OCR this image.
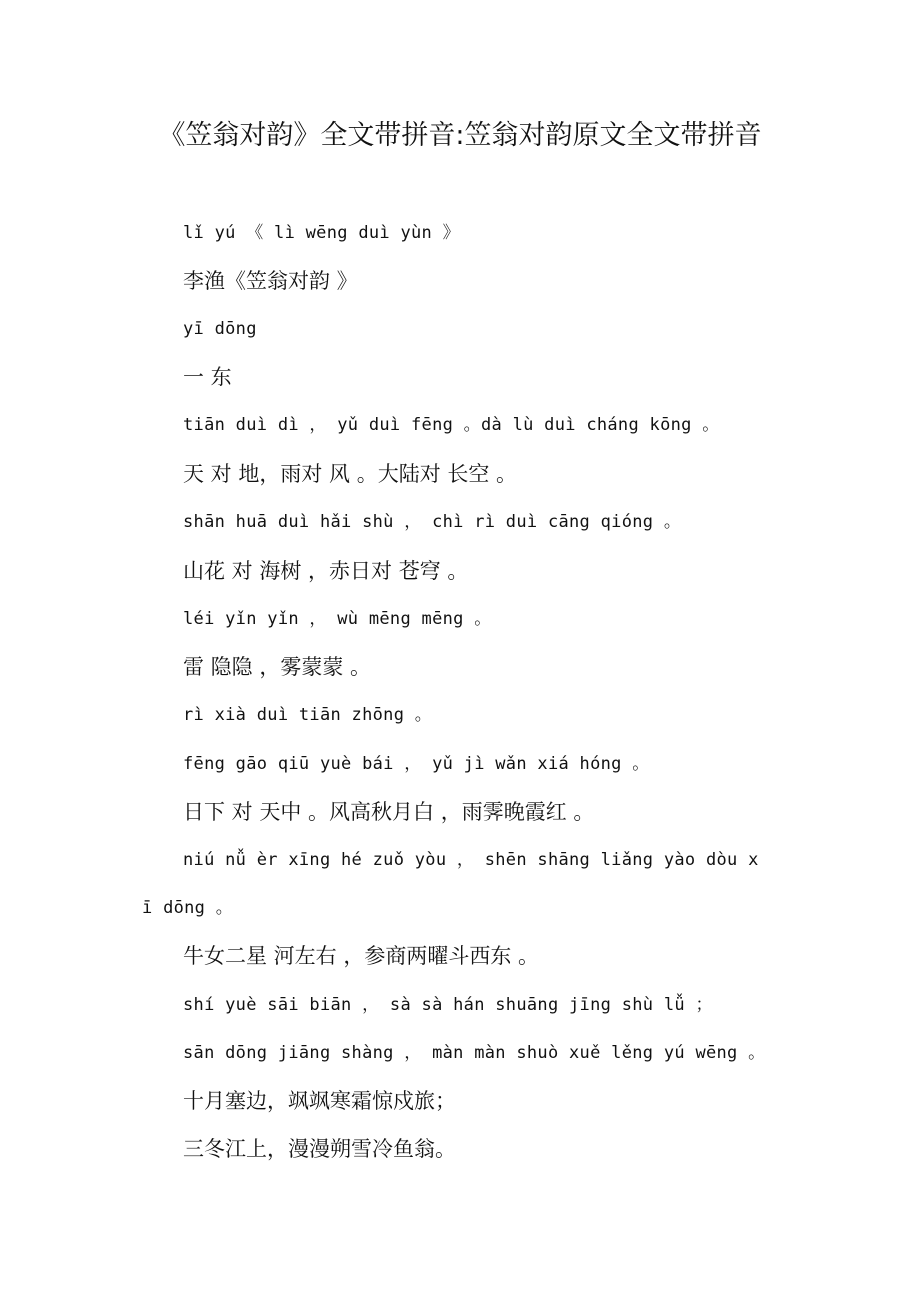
《笠翁对韵》全文带拼音:笠翁对韵原文全文带拼音

lǐ yú 《 lì wēng duì yùn 》

李渔《笠翁对韵 》

yī dōng

一 东

tiān duì dì ， yǔ duì fēng 。dà lù duì cháng kōng 。

天 对 地，雨对 风 。大陆对 长空 。

shān huā duì hǎi shù ， chì rì duì cāng qióng 。

山花 对 海树 ，赤日对 苍穹 。

léi yǐn yǐn ， wù mēng mēng 。

雷 隐隐 ，雾蒙蒙 。

rì xià duì tiān zhōng 。

fēng gāo qiū yuè bái ， yǔ jì wǎn xiá hóng 。

日下 对 天中 。风高秋月白 ，雨霁晚霞红 。

niú nǚ èr xīng hé zuǒ yòu ， shēn shāng liǎng yào dòu x

ī dōng 。

牛女二星 河左右 ，参商两曜斗西东 。

shí yuè sāi biān ， sà sà hán shuāng jīng shù lǚ ；

sān dōng jiāng shàng ， màn màn shuò xuě lěng yú wēng 。

十月塞边，飒飒寒霜惊戍旅；

三冬江上，漫漫朔雪冷鱼翁。
